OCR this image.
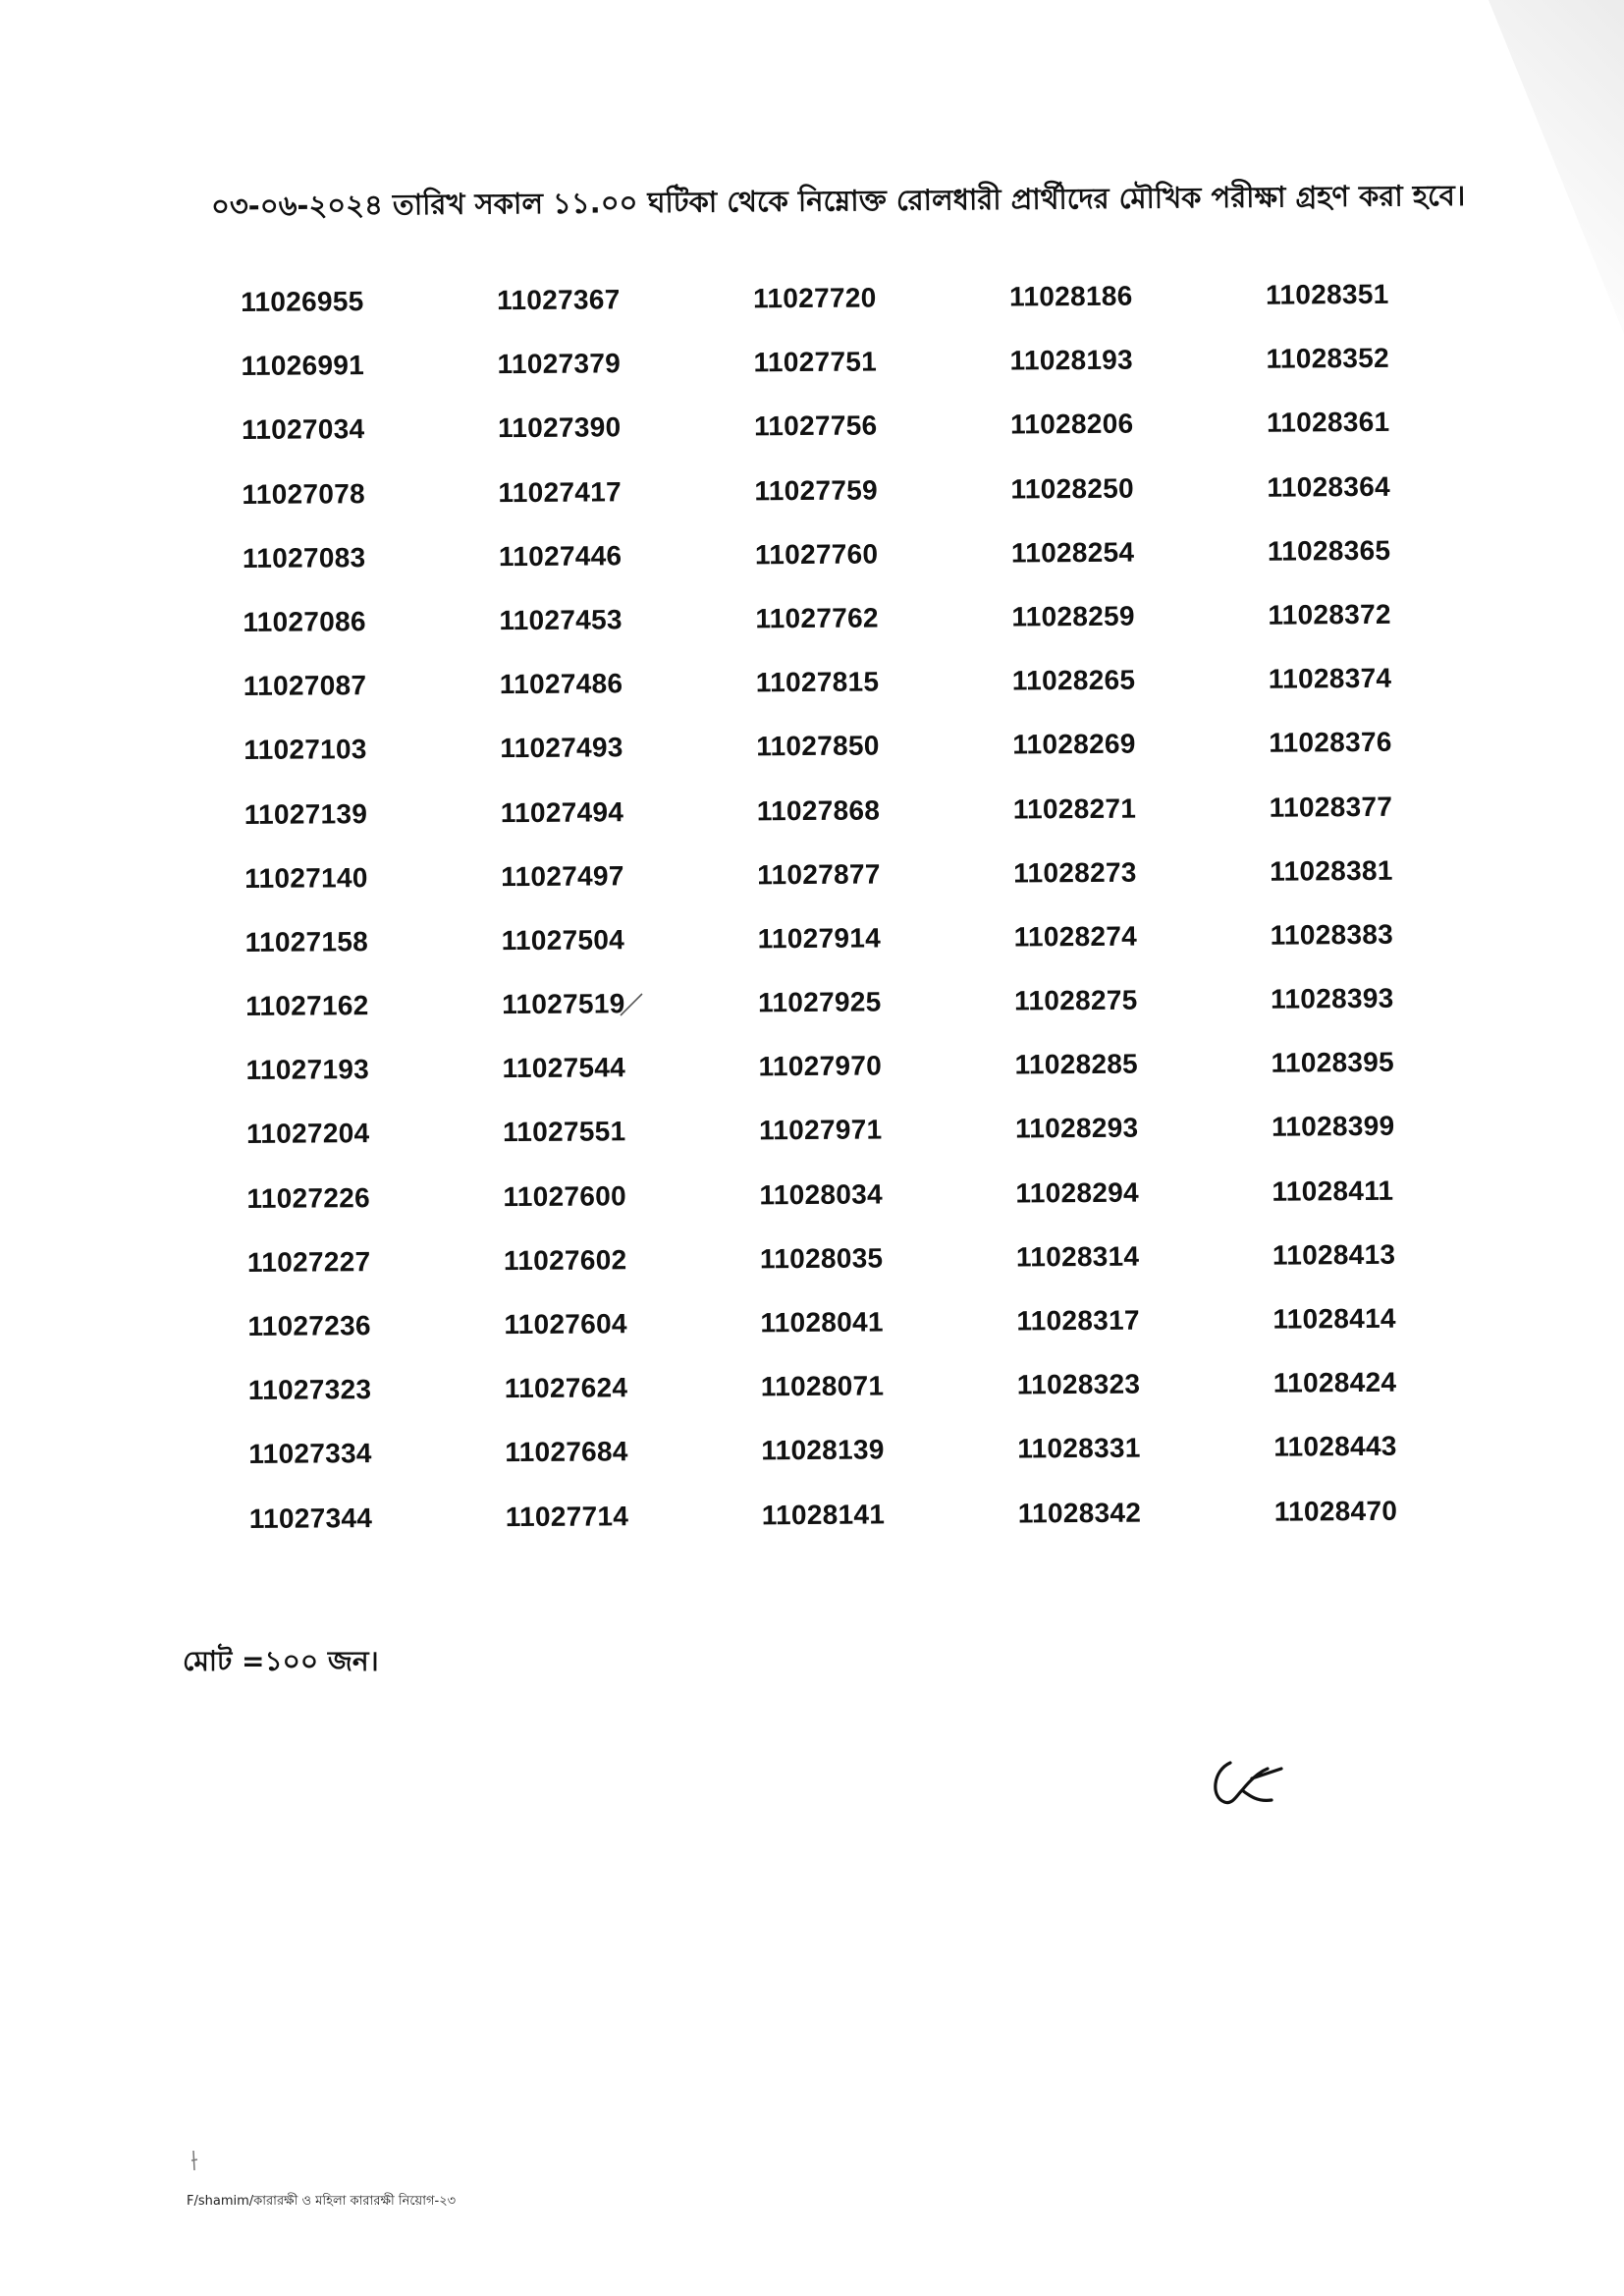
০৩-০৬-২০২৪ তারিখ সকাল ১১.০০ ঘটিকা থেকে নিম্নোক্ত রোলধারী প্রার্থীদের মৌখিক পরীক্ষা গ্রহণ করা হবে।
11026955	11027367	11027720	11028186	11028351
11026991	11027379	11027751	11028193	11028352
11027034	11027390	11027756	11028206	11028361
11027078	11027417	11027759	11028250	11028364
11027083	11027446	11027760	11028254	11028365
11027086	11027453	11027762	11028259	11028372
11027087	11027486	11027815	11028265	11028374
11027103	11027493	11027850	11028269	11028376
11027139	11027494	11027868	11028271	11028377
11027140	11027497	11027877	11028273	11028381
11027158	11027504	11027914	11028274	11028383
11027162	11027519	11027925	11028275	11028393
11027193	11027544	11027970	11028285	11028395
11027204	11027551	11027971	11028293	11028399
11027226	11027600	11028034	11028294	11028411
11027227	11027602	11028035	11028314	11028413
11027236	11027604	11028041	11028317	11028414
11027323	11027624	11028071	11028323	11028424
11027334	11027684	11028139	11028331	11028443
11027344	11027714	11028141	11028342	11028470
মোট =১০০ জন।
F/shamim/কারারক্ষী ও মহিলা কারারক্ষী নিয়োগ-২৩
